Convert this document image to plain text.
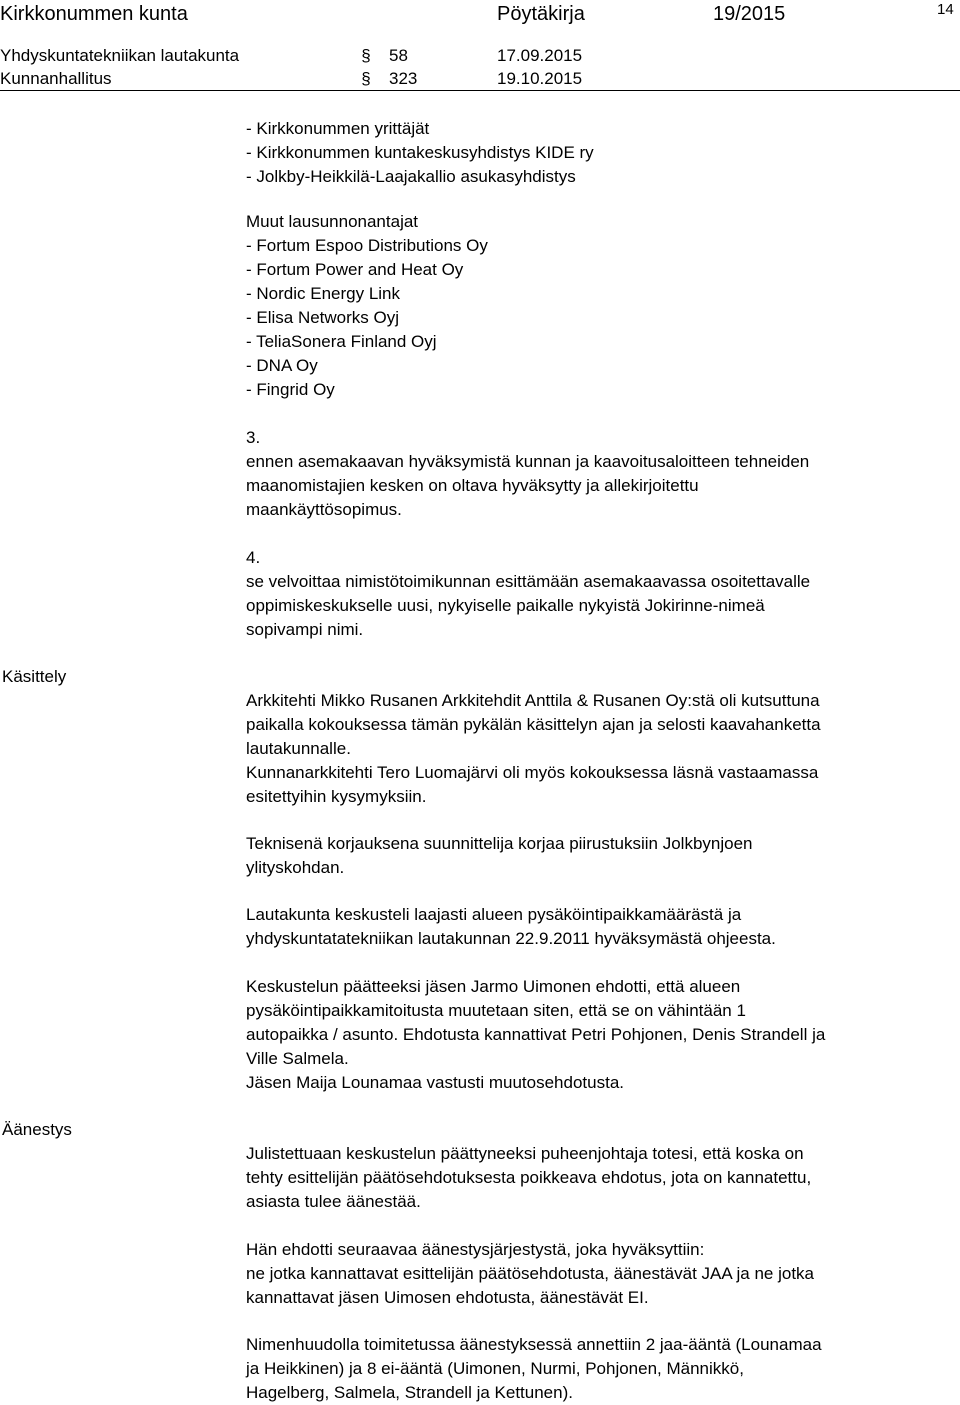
Kirkkonummen kunta	Pöytäkirja	19/2015	14
Yhdyskuntatekniikan lautakunta	§ 58	17.09.2015
Kunnanhallitus	§ 323	19.10.2015

- Kirkkonummen yrittäjät

- Kirkkonummen kuntakeskusyhdistys KIDE ry

- Jolkby-Heikkilä-Laajakallio asukasyhdistys

Muut lausunnonantajat

- Fortum Espoo Distributions Oy

- Fortum Power and Heat Oy

- Nordic Energy Link

- Elisa Networks Oyj

- TeliaSonera Finland Oyj

- DNA Oy

- Fingrid Oy

3.

ennen asemakaavan hyväksymistä kunnan ja kaavoitusaloitteen tehneiden

maanomistajien kesken on oltava hyväksytty ja allekirjoitettu

maankäyttösopimus.

4.

se velvoittaa nimistötoimikunnan esittämään asemakaavassa osoitettavalle

oppimiskeskukselle uusi, nykyiselle paikalle nykyistä Jokirinne-nimeä

sopivampi nimi.

Käsittely
Äänestys

Arkkitehti Mikko Rusanen Arkkitehdit Anttila & Rusanen Oy:stä oli kutsuttuna

paikalla kokouksessa tämän pykälän käsittelyn ajan ja selosti kaavahanketta

lautakunnalle.

Kunnanarkkitehti Tero Luomajärvi oli myös kokouksessa läsnä vastaamassa

esitettyihin kysymyksiin.

Teknisenä korjauksena suunnittelija korjaa piirustuksiin Jolkbynjoen

ylityskohdan.

Lautakunta keskusteli laajasti alueen pysäköintipaikkamäärästä ja

yhdyskuntatatekniikan lautakunnan 22.9.2011 hyväksymästä ohjeesta.

Keskustelun päätteeksi jäsen Jarmo Uimonen ehdotti, että alueen

pysäköintipaikkamitoitusta muutetaan siten, että se on vähintään 1

autopaikka / asunto. Ehdotusta kannattivat Petri Pohjonen, Denis Strandell ja

Ville Salmela.

Jäsen Maija Lounamaa vastusti muutosehdotusta.

Julistettuaan keskustelun päättyneeksi puheenjohtaja totesi, että koska on

tehty esittelijän päätösehdotuksesta poikkeava ehdotus, jota on kannatettu,

asiasta tulee äänestää.

Hän ehdotti seuraavaa äänestysjärjestystä, joka hyväksyttiin:

ne jotka kannattavat esittelijän päätösehdotusta, äänestävät JAA ja ne jotka

kannattavat jäsen Uimosen ehdotusta, äänestävät EI.

Nimenhuudolla toimitetussa äänestyksessä annettiin 2 jaa-ääntä (Lounamaa

ja Heikkinen) ja 8 ei-ääntä (Uimonen, Nurmi, Pohjonen, Männikkö,

Hagelberg, Salmela, Strandell ja Kettunen).
